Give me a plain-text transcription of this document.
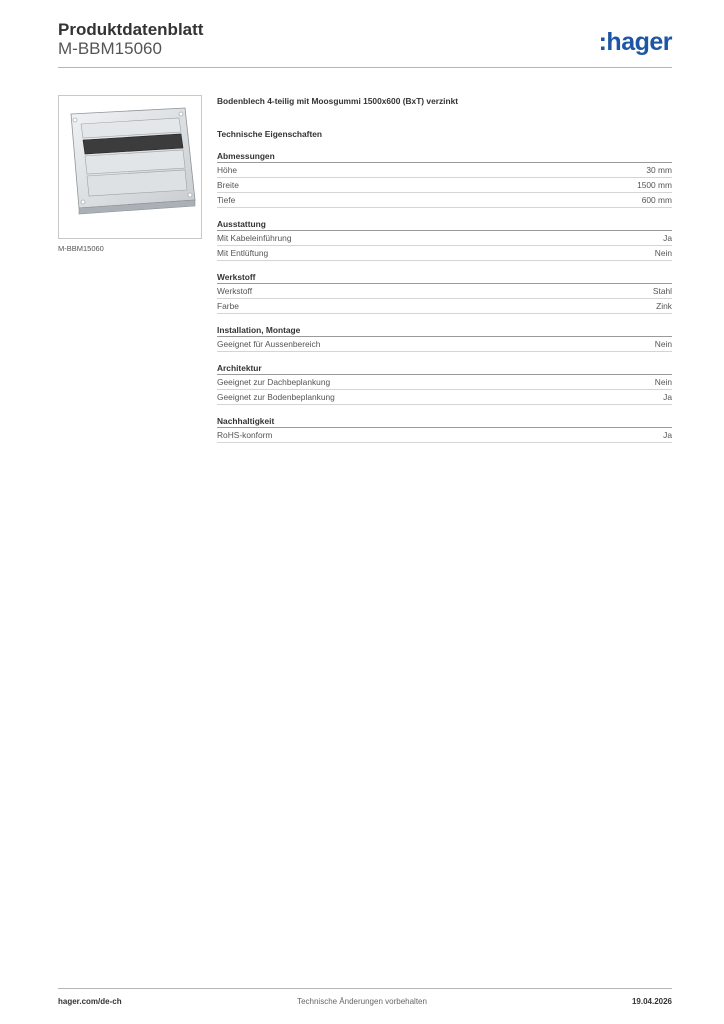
Produktdatenblatt
M-BBM15060	:hager
M-BBM15060
Bodenblech 4-teilig mit Moosgummi 1500x600 (BxT) verzinkt
Technische Eigenschaften
Abmessungen
Höhe	30 mm
Breite	1500 mm
Tiefe	600 mm
Ausstattung
Mit Kabeleinführung	Ja
Mit Entlüftung	Nein
Werkstoff
Werkstoff	Stahl
Farbe	Zink
Installation, Montage
Geeignet für Aussenbereich	Nein
Architektur
Geeignet zur Dachbeplankung	Nein
Geeignet zur Bodenbeplankung	Ja
Nachhaltigkeit
RoHS-konform	Ja
hager.com/de-ch	Technische Änderungen vorbehalten	19.04.2026
